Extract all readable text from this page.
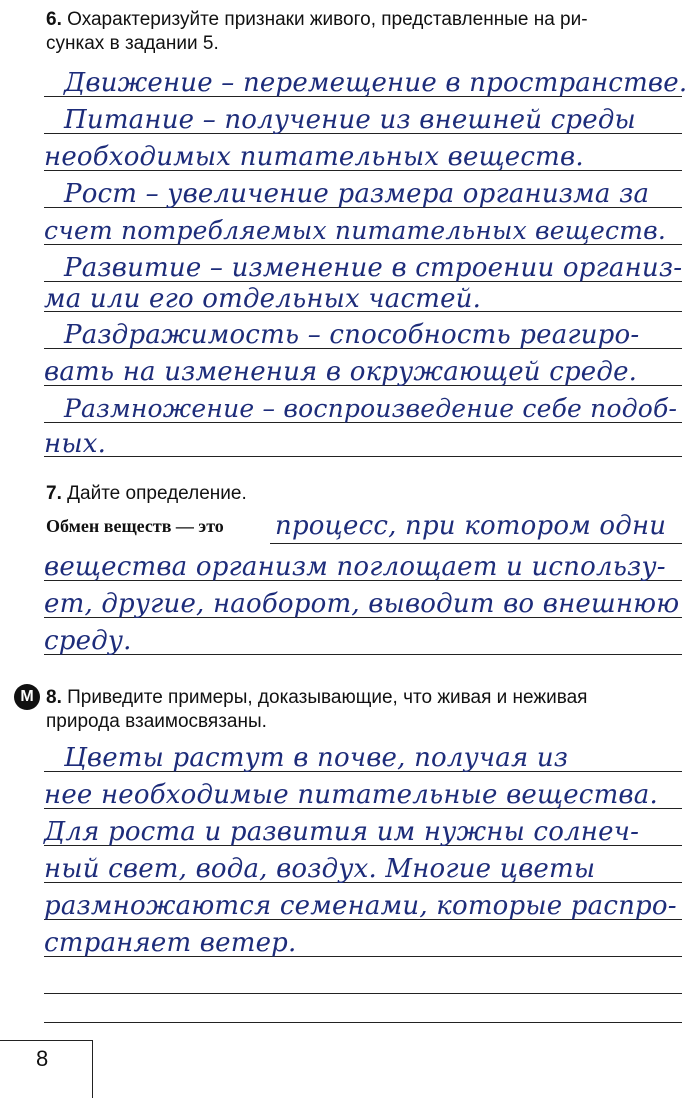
6. Охарактеризуйте признаки живого, представленные на ри-
сунках в задании 5.
Движение – перемещение в пространстве.
Питание – получение из внешней среды
необходимых питательных веществ.
Рост – увеличение размера организма за
счет потребляемых питательных веществ.
Развитие – изменение в строении организ-
ма или его отдельных частей.
Раздражимость – способность реагиро-
вать на изменения в окружающей среде.
Размножение – воспроизведение себе подоб-
ных.
7. Дайте определение.
Обмен веществ — это процесс, при котором одни
вещества организм поглощает и использу-
ет, другие, наоборот, выводит во внешнюю
среду.
М 8. Приведите примеры, доказывающие, что живая и неживая
природа взаимосвязаны.
Цветы растут в почве, получая из
нее необходимые питательные вещества.
Для роста и развития им нужны солнеч-
ный свет, вода, воздух. Многие цветы
размножаются семенами, которые распро-
страняет ветер.
8
